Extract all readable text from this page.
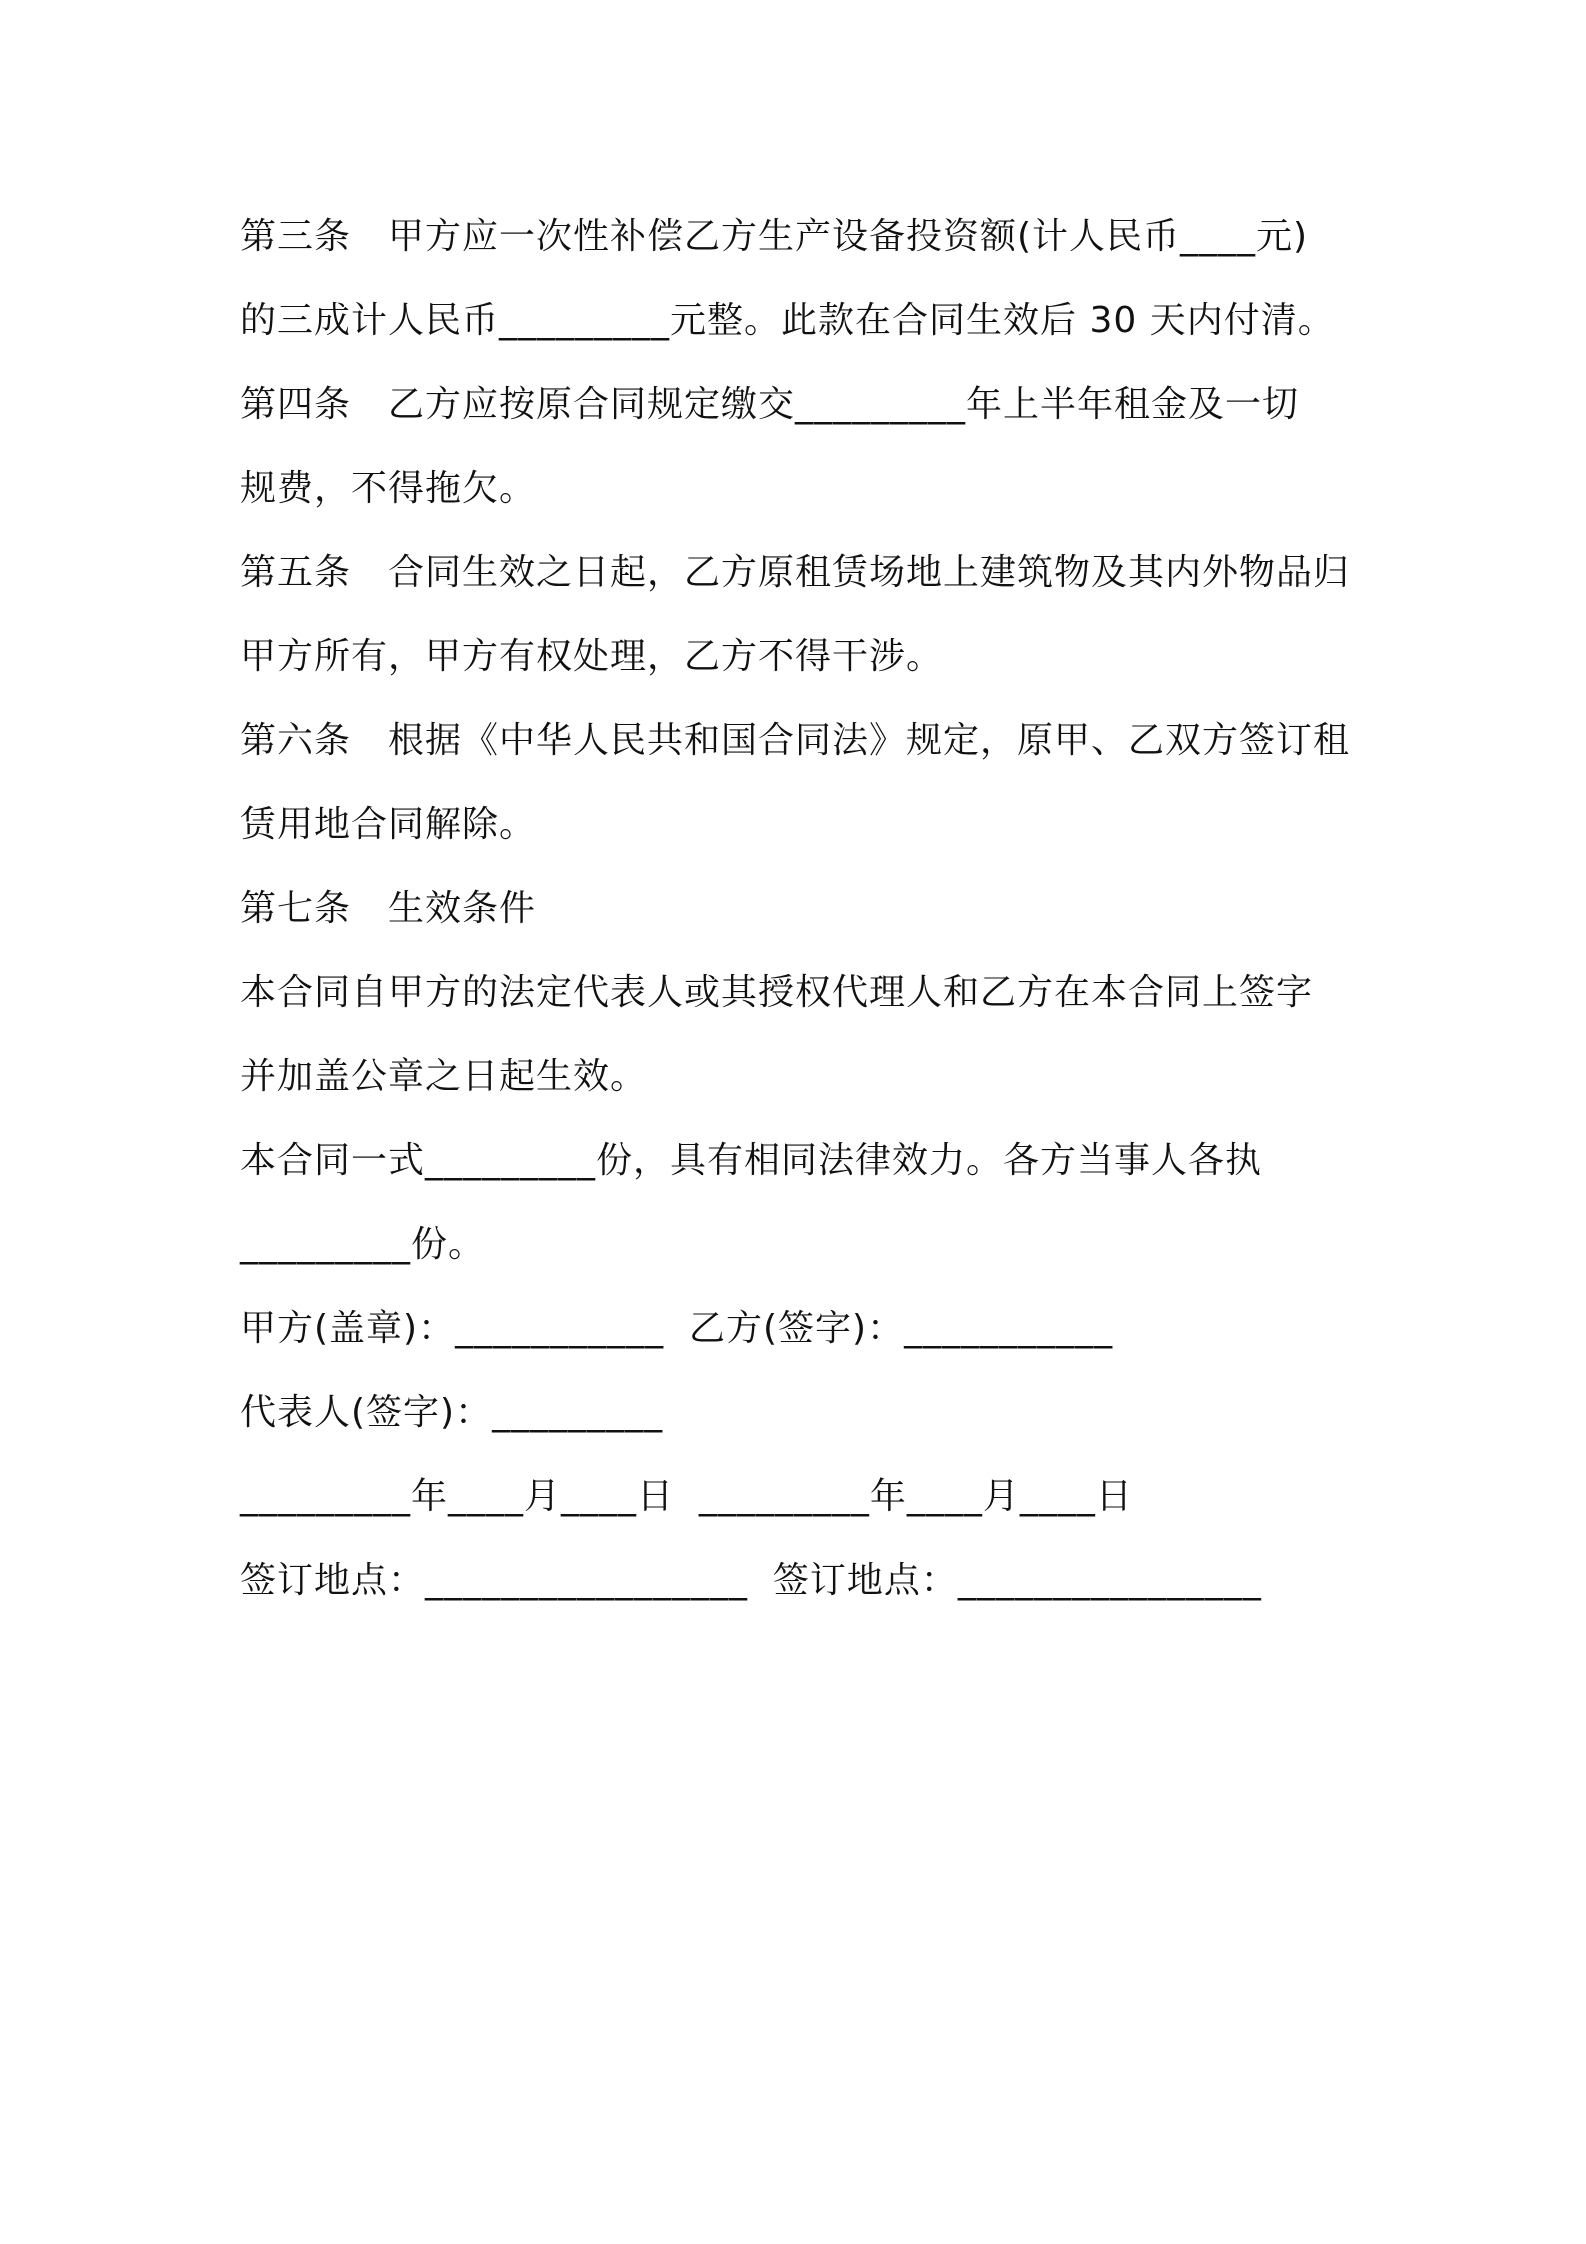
第三条　甲方应一次性补偿乙方生产设备投资额(计人民币____元)
的三成计人民币_________元整。此款在合同生效后 30 天内付清。
第四条　乙方应按原合同规定缴交_________年上半年租金及一切
规费，不得拖欠。
第五条　合同生效之日起，乙方原租赁场地上建筑物及其内外物品归
甲方所有，甲方有权处理，乙方不得干涉。
第六条　根据《中华人民共和国合同法》规定，原甲、乙双方签订租
赁用地合同解除。
第七条　生效条件
本合同自甲方的法定代表人或其授权代理人和乙方在本合同上签字
并加盖公章之日起生效。
本合同一式_________份，具有相同法律效力。各方当事人各执
_________份。
甲方(盖章)：___________ 乙方(签字)：___________
代表人(签字)：_________
_________年____月____日 _________年____月____日
签订地点：_________________ 签订地点：________________
